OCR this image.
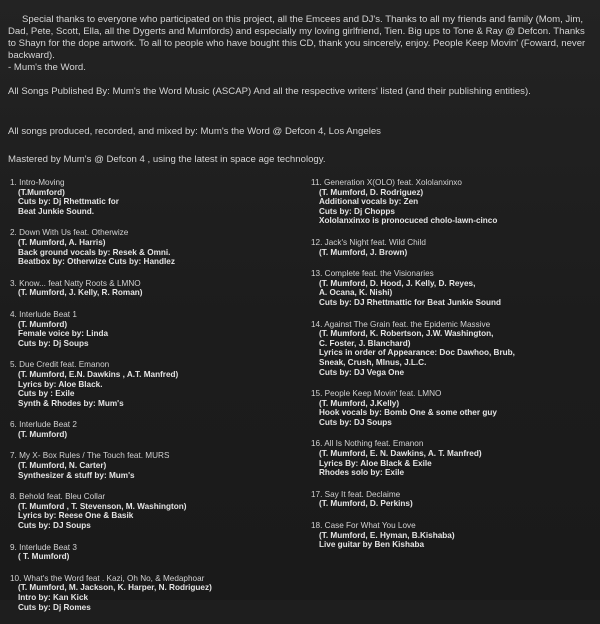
Special thanks to everyone who participated on this project, all the Emcees and DJ's. Thanks to all my friends and family (Mom, Jim, Dad, Pete, Scott, Ella, all the Dygerts and Mumfords) and especially my loving girlfriend, Tien. Big ups to Tone & Ray @ Defcon. Thanks to Shayn for the dope artwork. To all to people who have bought this CD, thank you sincerely, enjoy. People Keep Movin' (Foward, never backward).

- Mum's the Word.

All Songs Published By: Mum's the Word Music (ASCAP) And all the respective writers' listed (and their publishing entities).
All songs produced, recorded, and mixed by: Mum's the Word @ Defcon 4, Los Angeles
Mastered by Mum's @ Defcon 4 , using the latest in space age technology.
1. Intro-Moving
(T.Mumford)
Cuts by: Dj Rhettmatic for
Beat Junkie Sound.
2. Down With Us feat. Otherwize
(T. Mumford, A. Harris)
Back ground vocals by: Resek & Omni.
Beatbox by: Otherwize Cuts by: Handlez
3. Know... feat Natty Roots & LMNO
(T. Mumford, J. Kelly, R. Roman)
4. Interlude Beat 1
(T. Mumford)
Female voice by: Linda
Cuts by: Dj Soups
5. Due Credit feat. Emanon
(T. Mumford, E.N. Dawkins , A.T. Manfred)
Lyrics by: Aloe Black.
Cuts by : Exile
Synth & Rhodes by: Mum's
6. Interlude Beat 2
(T. Mumford)
7. My X- Box Rules / The Touch feat. MURS
(T. Mumford, N. Carter)
Synthesizer & stuff by: Mum's
8. Behold feat. Bleu Collar
(T. Mumford , T. Stevenson, M. Washington)
Lyrics by: Reese One & Basik
Cuts by: DJ Soups
9. Interlude Beat 3
( T. Mumford)
10. What's the Word feat . Kazi, Oh No, & Medaphoar
(T. Mumford, M. Jackson, K. Harper, N. Rodriguez)
Intro by: Kan Kick
Cuts by: Dj Romes
11. Generation X(OLO) feat. Xololanxinxo
(T. Mumford, D. Rodriguez)
Additional vocals by: Zen
Cuts by: Dj Chopps
Xololanxinxo is pronocuced cholo-lawn-cinco
12. Jack's Night feat. Wild Child
(T. Mumford, J. Brown)
13. Complete feat. the Visionaries
(T. Mumford, D. Hood, J. Kelly, D. Reyes,
A. Ocana, K. Nishi)
Cuts by: DJ Rhettmattic for Beat Junkie Sound
14. Against The Grain feat. the Epidemic Massive
(T. Mumford, K. Robertson, J.W. Washington,
C. Foster, J. Blanchard)
Lyrics in order of Appearance: Doc Dawhoo, Brub,
Sneak, Crush, MInus, J.L.C.
Cuts by: DJ Vega One
15. People Keep Movin' feat. LMNO
(T. Mumford, J.Kelly)
Hook vocals by: Bomb One & some other guy
Cuts by: DJ Soups
16. All Is Nothing feat. Emanon
(T. Mumford, E. N. Dawkins, A. T. Manfred)
Lyrics By: Aloe Black & Exile
Rhodes solo by: Exile
17. Say It feat. Declaime
(T. Mumford, D. Perkins)
18. Case For What You Love
(T. Mumford, E. Hyman, B.Kishaba)
Live guitar by Ben Kishaba
